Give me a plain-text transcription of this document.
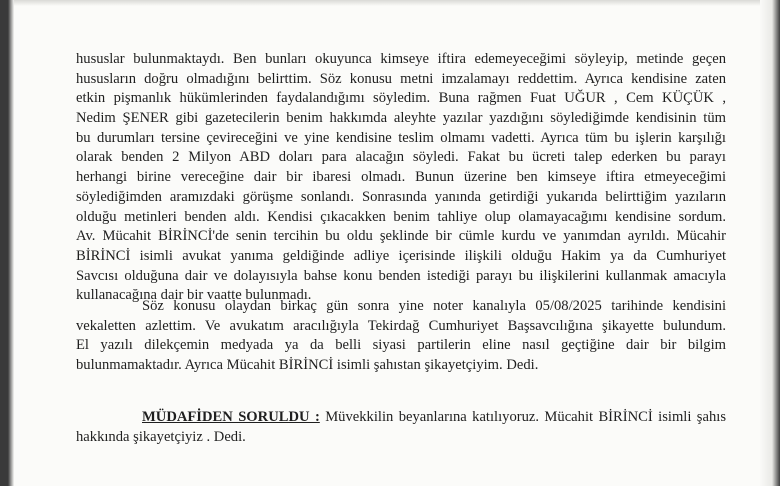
hususlar bulunmaktaydı. Ben bunları okuyunca kimseye iftira edemeyeceğimi söyleyip, metinde geçen
hususların doğru olmadığını belirttim. Söz konusu metni imzalamayı reddettim. Ayrıca kendisine zaten
etkin pişmanlık hükümlerinden faydalandığımı söyledim. Buna rağmen Fuat UĞUR , Cem KÜÇÜK ,
Nedim ŞENER gibi gazetecilerin benim hakkımda aleyhte yazılar yazdığını söylediğimde kendisinin tüm
bu durumları tersine çevireceğini ve yine kendisine teslim olmamı vadetti. Ayrıca tüm bu işlerin karşılığı
olarak benden 2 Milyon ABD doları para alacağın söyledi. Fakat bu ücreti talep ederken bu parayı
herhangi birine vereceğine dair bir ibaresi olmadı. Bunun üzerine ben kimseye iftira etmeyeceğimi
söylediğimden aramızdaki görüşme sonlandı. Sonrasında yanında getirdiği yukarıda belirttiğim yazıların
olduğu metinleri benden aldı. Kendisi çıkacakken benim tahliye olup olamayacağımı kendisine sordum.
Av. Mücahit BİRİNCİ'de senin tercihin bu oldu şeklinde bir cümle kurdu ve yanımdan ayrıldı. Mücahir
BİRİNCİ isimli avukat yanıma geldiğinde adliye içerisinde ilişkili olduğu Hakim ya da Cumhuriyet
Savcısı olduğuna dair ve dolayısıyla bahse konu benden istediği parayı bu ilişkilerini kullanmak amacıyla
kullanacağına dair bir vaatte bulunmadı.
Söz konusu olaydan birkaç gün sonra yine noter kanalıyla 05/08/2025 tarihinde kendisini
vekaletten azlettim. Ve avukatım aracılığıyla Tekirdağ Cumhuriyet Başsavcılığına şikayette bulundum.
El yazılı dilekçemin medyada ya da belli siyasi partilerin eline nasıl geçtiğine dair bir bilgim
bulunmamaktadır. Ayrıca Mücahit BİRİNCİ isimli şahıstan şikayetçiyim. Dedi.
MÜDAFİDEN SORULDU : Müvekkilin beyanlarına katılıyoruz. Mücahit BİRİNCİ isimli şahıs
hakkında şikayetçiyiz . Dedi.
